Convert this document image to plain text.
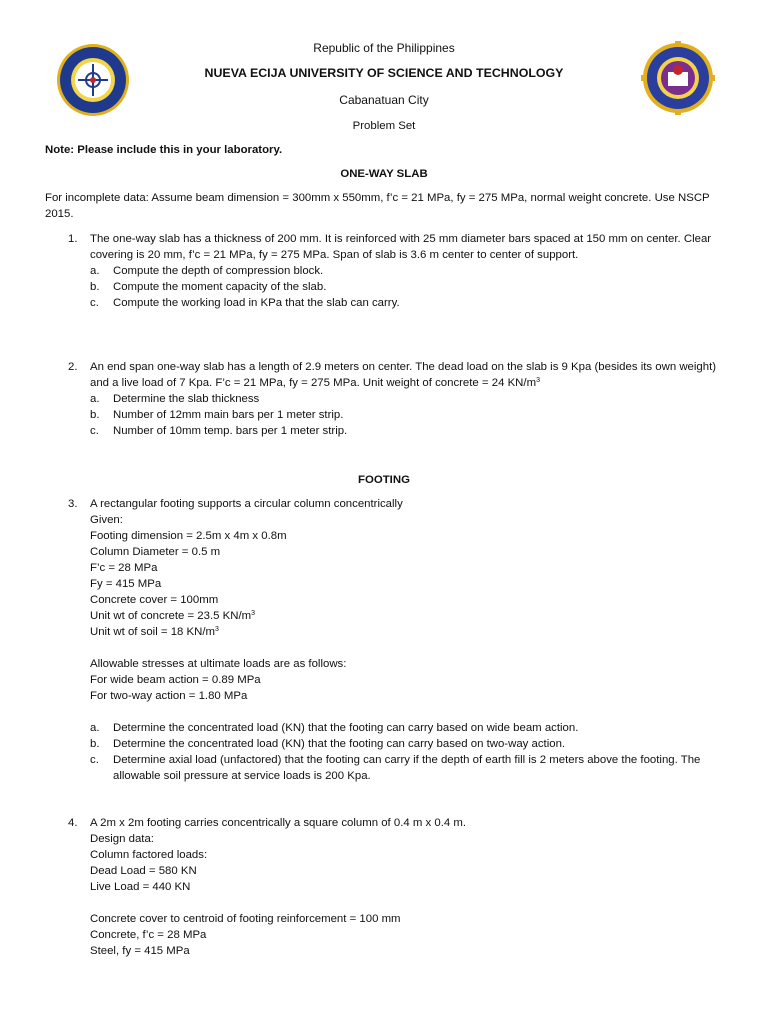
Republic of the Philippines
NUEVA ECIJA UNIVERSITY OF SCIENCE AND TECHNOLOGY
Cabanatuan City
Problem Set
Note: Please include this in your laboratory.
ONE-WAY SLAB
For incomplete data: Assume beam dimension = 300mm x 550mm, f’c = 21 MPa, fy = 275 MPa, normal weight concrete. Use NSCP 2015.
1.	The one-way slab has a thickness of 200 mm. It is reinforced with 25 mm diameter bars spaced at 150 mm on center. Clear covering is 20 mm, f’c = 21 MPa, fy = 275 MPa. Span of slab is 3.6 m center to center of support.
a. Compute the depth of compression block.
b. Compute the moment capacity of the slab.
c. Compute the working load in KPa that the slab can carry.
2.	An end span one-way slab has a length of 2.9 meters on center. The dead load on the slab is 9 Kpa (besides its own weight) and a live load of 7 Kpa. F’c = 21 MPa, fy = 275 MPa. Unit weight of concrete = 24 $KN/m^3$
a. Determine the slab thickness
b. Number of 12mm main bars per 1 meter strip.
c. Number of 10mm temp. bars per 1 meter strip.
FOOTING
3.	A rectangular footing supports a circular column concentrically
Given:
Footing dimension = 2.5m x 4m x 0.8m
Column Diameter = 0.5 m
F’c = 28 MPa
Fy = 415 MPa
Concrete cover = 100mm
Unit wt of concrete = 23.5 $KN/m^3$
Unit wt of soil = 18 $KN/m^3$
Allowable stresses at ultimate loads are as follows:
For wide beam action = 0.89 MPa
For two-way action = 1.80 MPa
a. Determine the concentrated load (KN) that the footing can carry based on wide beam action.
b. Determine the concentrated load (KN) that the footing can carry based on two-way action.
c. Determine axial load (unfactored) that the footing can carry if the depth of earth fill is 2 meters above the footing. The allowable soil pressure at service loads is 200 Kpa.
4.	A 2m x 2m footing carries concentrically a square column of 0.4 m x 0.4 m.
Design data:
Column factored loads:
Dead Load = 580 KN
Live Load = 440 KN
Concrete cover to centroid of footing reinforcement = 100 mm
Concrete, f’c = 28 MPa
Steel, fy = 415 MPa
